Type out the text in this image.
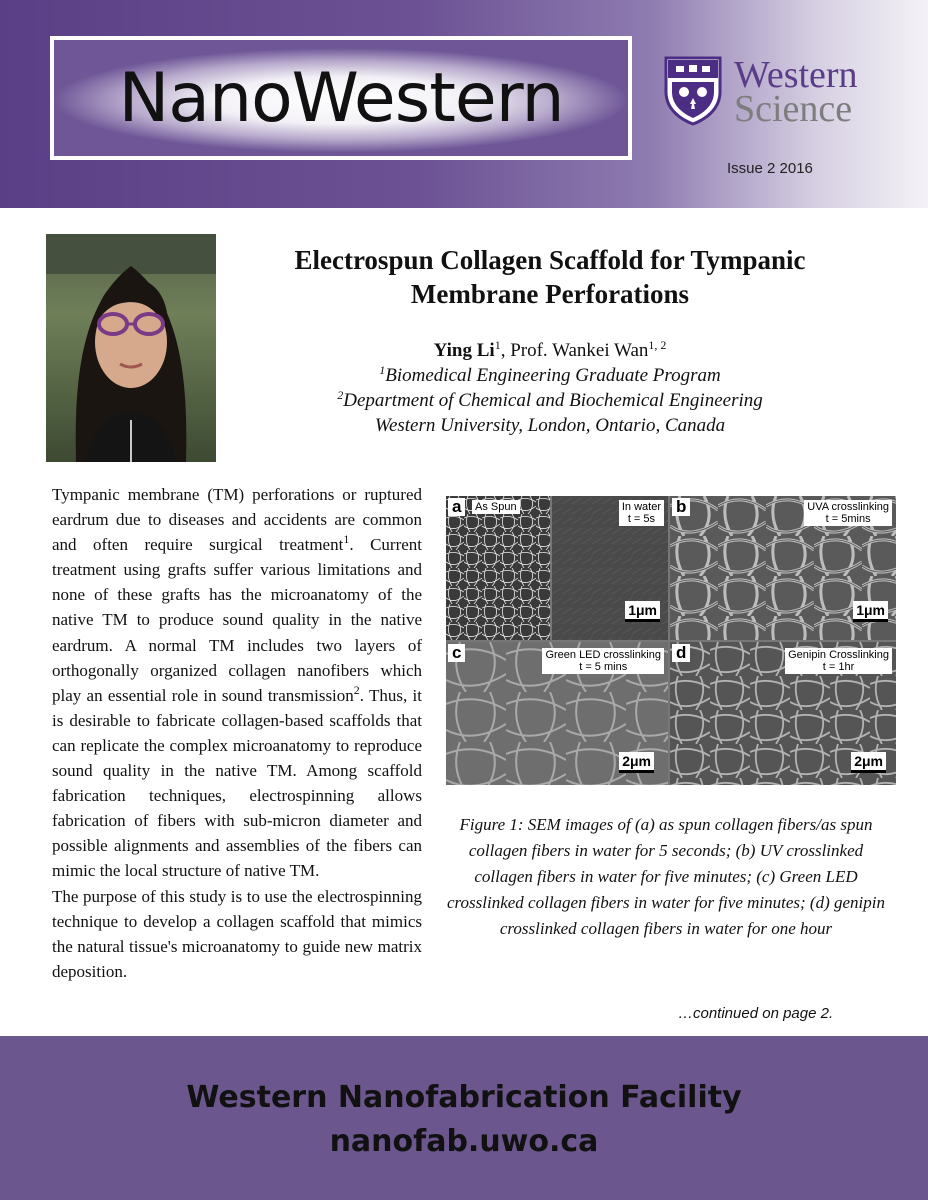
NanoWestern	Western
Science
Issue 2 2016
Electrospun Collagen Scaffold for Tympanic
Membrane Perforations
Ying Li$^1$, Prof. Wankei Wan$^{1, 2}$
$^1$Biomedical Engineering Graduate Program
$^2$Department of Chemical and Biochemical Engineering
Western University, London, Ontario, Canada

Tympanic membrane (TM) perforations or ruptured eardrum due to diseases and accidents are common and often require surgical treatment$^1$. Current treatment using grafts suffer various limitations and none of these grafts has the microanatomy of the native TM to produce sound quality in the native eardrum. A normal TM includes two layers of orthogonally organized collagen nanofibers which play an essential role in sound transmission$^2$. Thus, it is desirable to fabricate collagen-based scaffolds that can replicate the complex microanatomy to reproduce sound quality in the native TM. Among scaffold fabrication techniques, electrospinning allows fabrication of fibers with sub-micron diameter and possible alignments and assemblies of the fibers can mimic the local structure of native TM.

The purpose of this study is to use the electrospinning technique to develop a collagen scaffold that mimics the natural tissue's microanatomy to guide new matrix deposition.

a	As Spun	In water
t = 5s
1μm
b	UVA crosslinking
t = 5mins
1μm
c	Green LED crosslinking
t = 5 mins
2μm
d	Genipin Crosslinking
t = 1hr
2μm
Figure 1: SEM images of (a) as spun collagen fibers/as spun collagen fibers in water for 5 seconds; (b) UV crosslinked collagen fibers in water for five minutes; (c) Green LED crosslinked collagen fibers in water for five minutes; (d) genipin crosslinked collagen fibers in water for one hour
…continued on page 2.
Western Nanofabrication Facility
nanofab.uwo.ca
